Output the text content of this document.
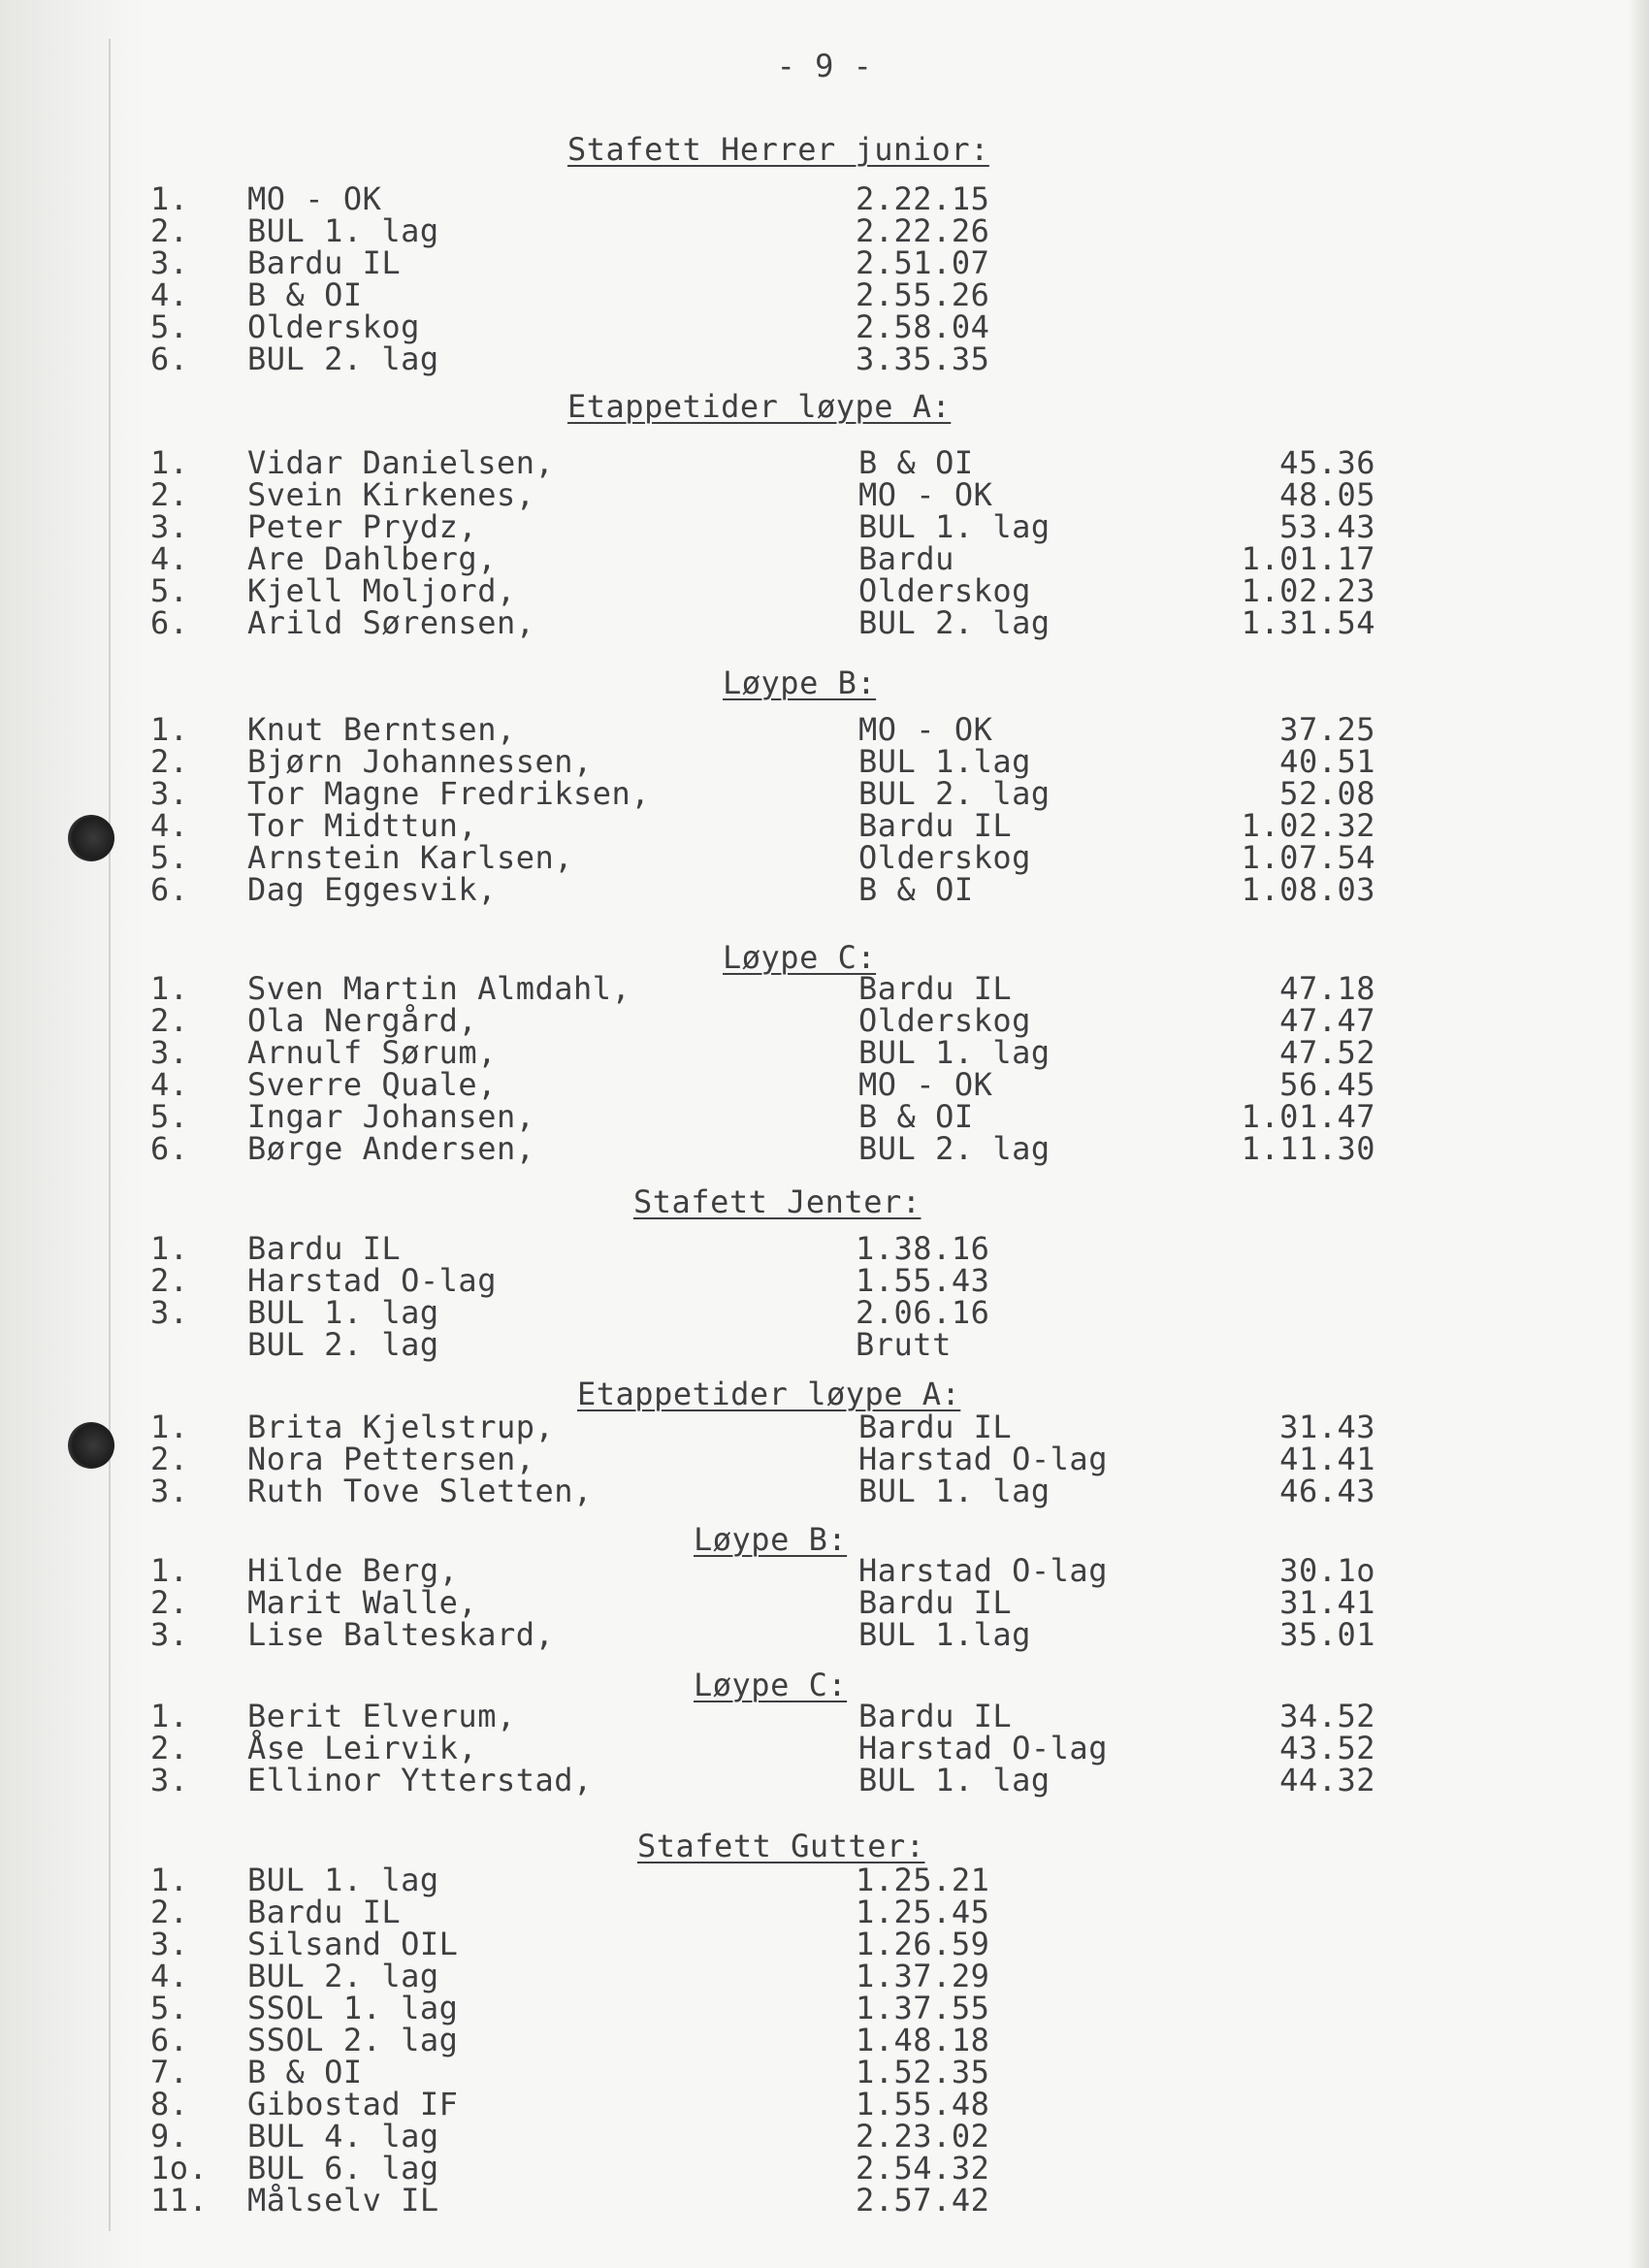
- 9 -
Stafett Herrer junior:
1. MO - OK	2.22.15
2. BUL 1. lag	2.22.26
3. Bardu IL	2.51.07
4. B & OI	2.55.26
5. Olderskog	2.58.04
6. BUL 2. lag	3.35.35
Etappetider løype A:
1. Vidar Danielsen,	B & OI	45.36
2. Svein Kirkenes,	MO - OK	48.05
3. Peter Prydz,	BUL 1. lag	53.43
4. Are Dahlberg,	Bardu	1.01.17
5. Kjell Moljord,	Olderskog	1.02.23
6. Arild Sørensen,	BUL 2. lag	1.31.54
Løype B:
1. Knut Berntsen,	MO - OK	37.25
2. Bjørn Johannessen,	BUL 1.lag	40.51
3. Tor Magne Fredriksen,	BUL 2. lag	52.08
4. Tor Midttun,	Bardu IL	1.02.32
5. Arnstein Karlsen,	Olderskog	1.07.54
6. Dag Eggesvik,	B & OI	1.08.03
Løype C:
1. Sven Martin Almdahl,	Bardu IL	47.18
2. Ola Nergård,	Olderskog	47.47
3. Arnulf Sørum,	BUL 1. lag	47.52
4. Sverre Quale,	MO - OK	56.45
5. Ingar Johansen,	B & OI	1.01.47
6. Børge Andersen,	BUL 2. lag	1.11.30
Stafett Jenter:
1. Bardu IL	1.38.16
2. Harstad O-lag	1.55.43
3. BUL 1. lag	2.06.16
BUL 2. lag	Brutt
Etappetider løype A:
1. Brita Kjelstrup,	Bardu IL	31.43
2. Nora Pettersen,	Harstad O-lag	41.41
3. Ruth Tove Sletten,	BUL 1. lag	46.43
Løype B:
1. Hilde Berg,	Harstad O-lag	30.1o
2. Marit Walle,	Bardu IL	31.41
3. Lise Balteskard,	BUL 1.lag	35.01
Løype C:
1. Berit Elverum,	Bardu IL	34.52
2. Åse Leirvik,	Harstad O-lag	43.52
3. Ellinor Ytterstad,	BUL 1. lag	44.32
Stafett Gutter:
1. BUL 1. lag	1.25.21
2. Bardu IL	1.25.45
3. Silsand OIL	1.26.59
4. BUL 2. lag	1.37.29
5. SSOL 1. lag	1.37.55
6. SSOL 2. lag	1.48.18
7. B & OI	1.52.35
8. Gibostad IF	1.55.48
9. BUL 4. lag	2.23.02
1o. BUL 6. lag	2.54.32
11. Målselv IL	2.57.42
